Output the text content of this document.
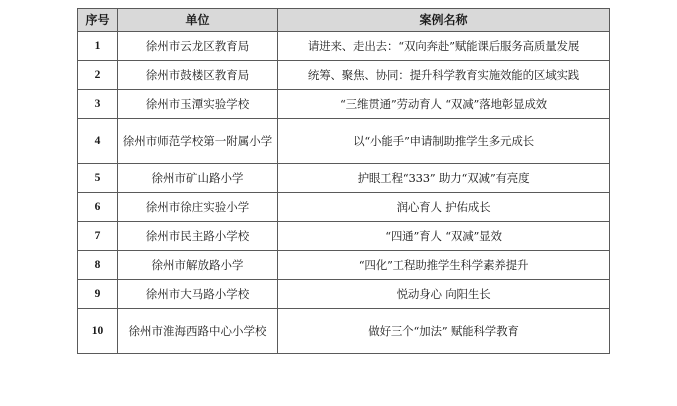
序号	单位	案例名称
1	徐州市云龙区教育局	请进来、走出去：“双向奔赴”赋能课后服务高质量发展
2	徐州市鼓楼区教育局	统筹、聚焦、协同：提升科学教育实施效能的区域实践
3	徐州市玉潭实验学校	“三维贯通”劳动育人 “双减”落地彰显成效
4	徐州市师范学校第一附属小学	以“小能手”申请制助推学生多元成长
5	徐州市矿山路小学	护眼工程“333” 助力“双减”有亮度
6	徐州市徐庄实验小学	润心育人 护佑成长
7	徐州市民主路小学校	“四通”育人 “双减”显效
8	徐州市解放路小学	“四化”工程助推学生科学素养提升
9	徐州市大马路小学校	悦动身心 向阳生长
10	徐州市淮海西路中心小学校	做好三个“加法” 赋能科学教育
